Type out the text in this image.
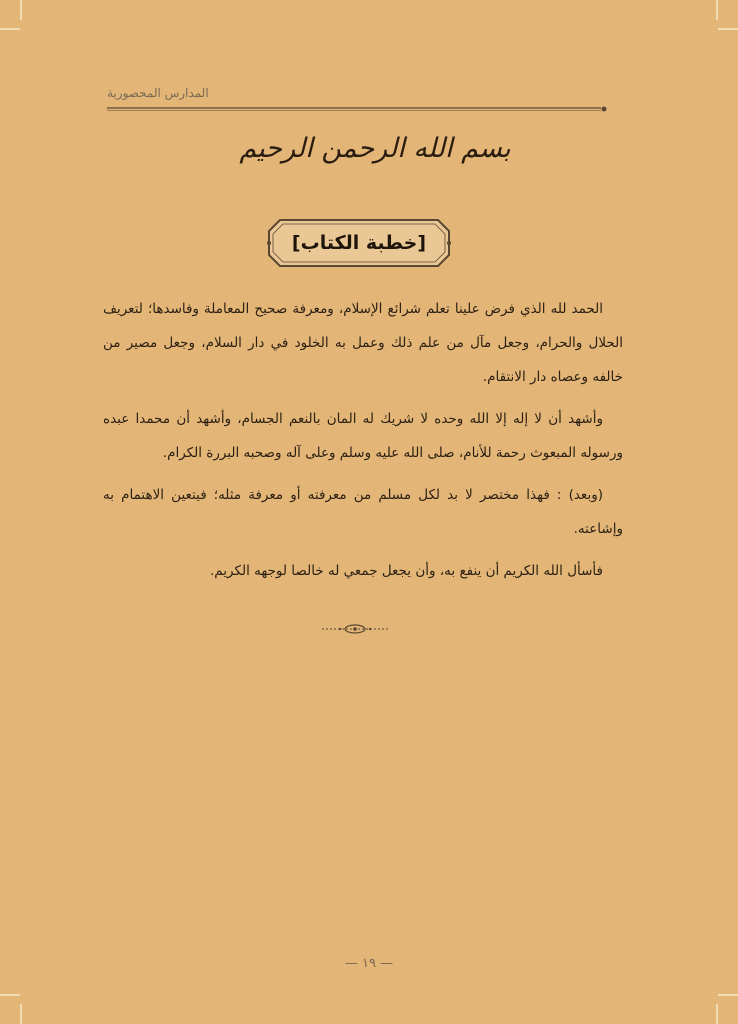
المدارس المحصورية
بسم الله الرحمن الرحيم
[خطبة الكتاب]

الحمد لله الذي فرض علينا تعلم شرائع الإسلام، ومعرفة صحيح المعاملة وفاسدها؛ لتعريف الحلال والحرام، وجعل مآل من علم ذلك وعمل به الخلود في دار السلام، وجعل مصير من خالفه وعصاه دار الانتقام.

وأشهد أن لا إله إلا الله وحده لا شريك له المان بالنعم الجسام، وأشهد أن محمدا عبده ورسوله المبعوث رحمة للأنام، صلى الله عليه وسلم وعلى آله وصحبه البررة الكرام.

(وبعد) : فهذا مختصر لا بد لكل مسلم من معرفته أو معرفة مثله؛ فيتعين الاهتمام به وإشاعته.

فأسأل الله الكريم أن ينفع به، وأن يجعل جمعي له خالصا لوجهه الكريم.

— ١٩ —
